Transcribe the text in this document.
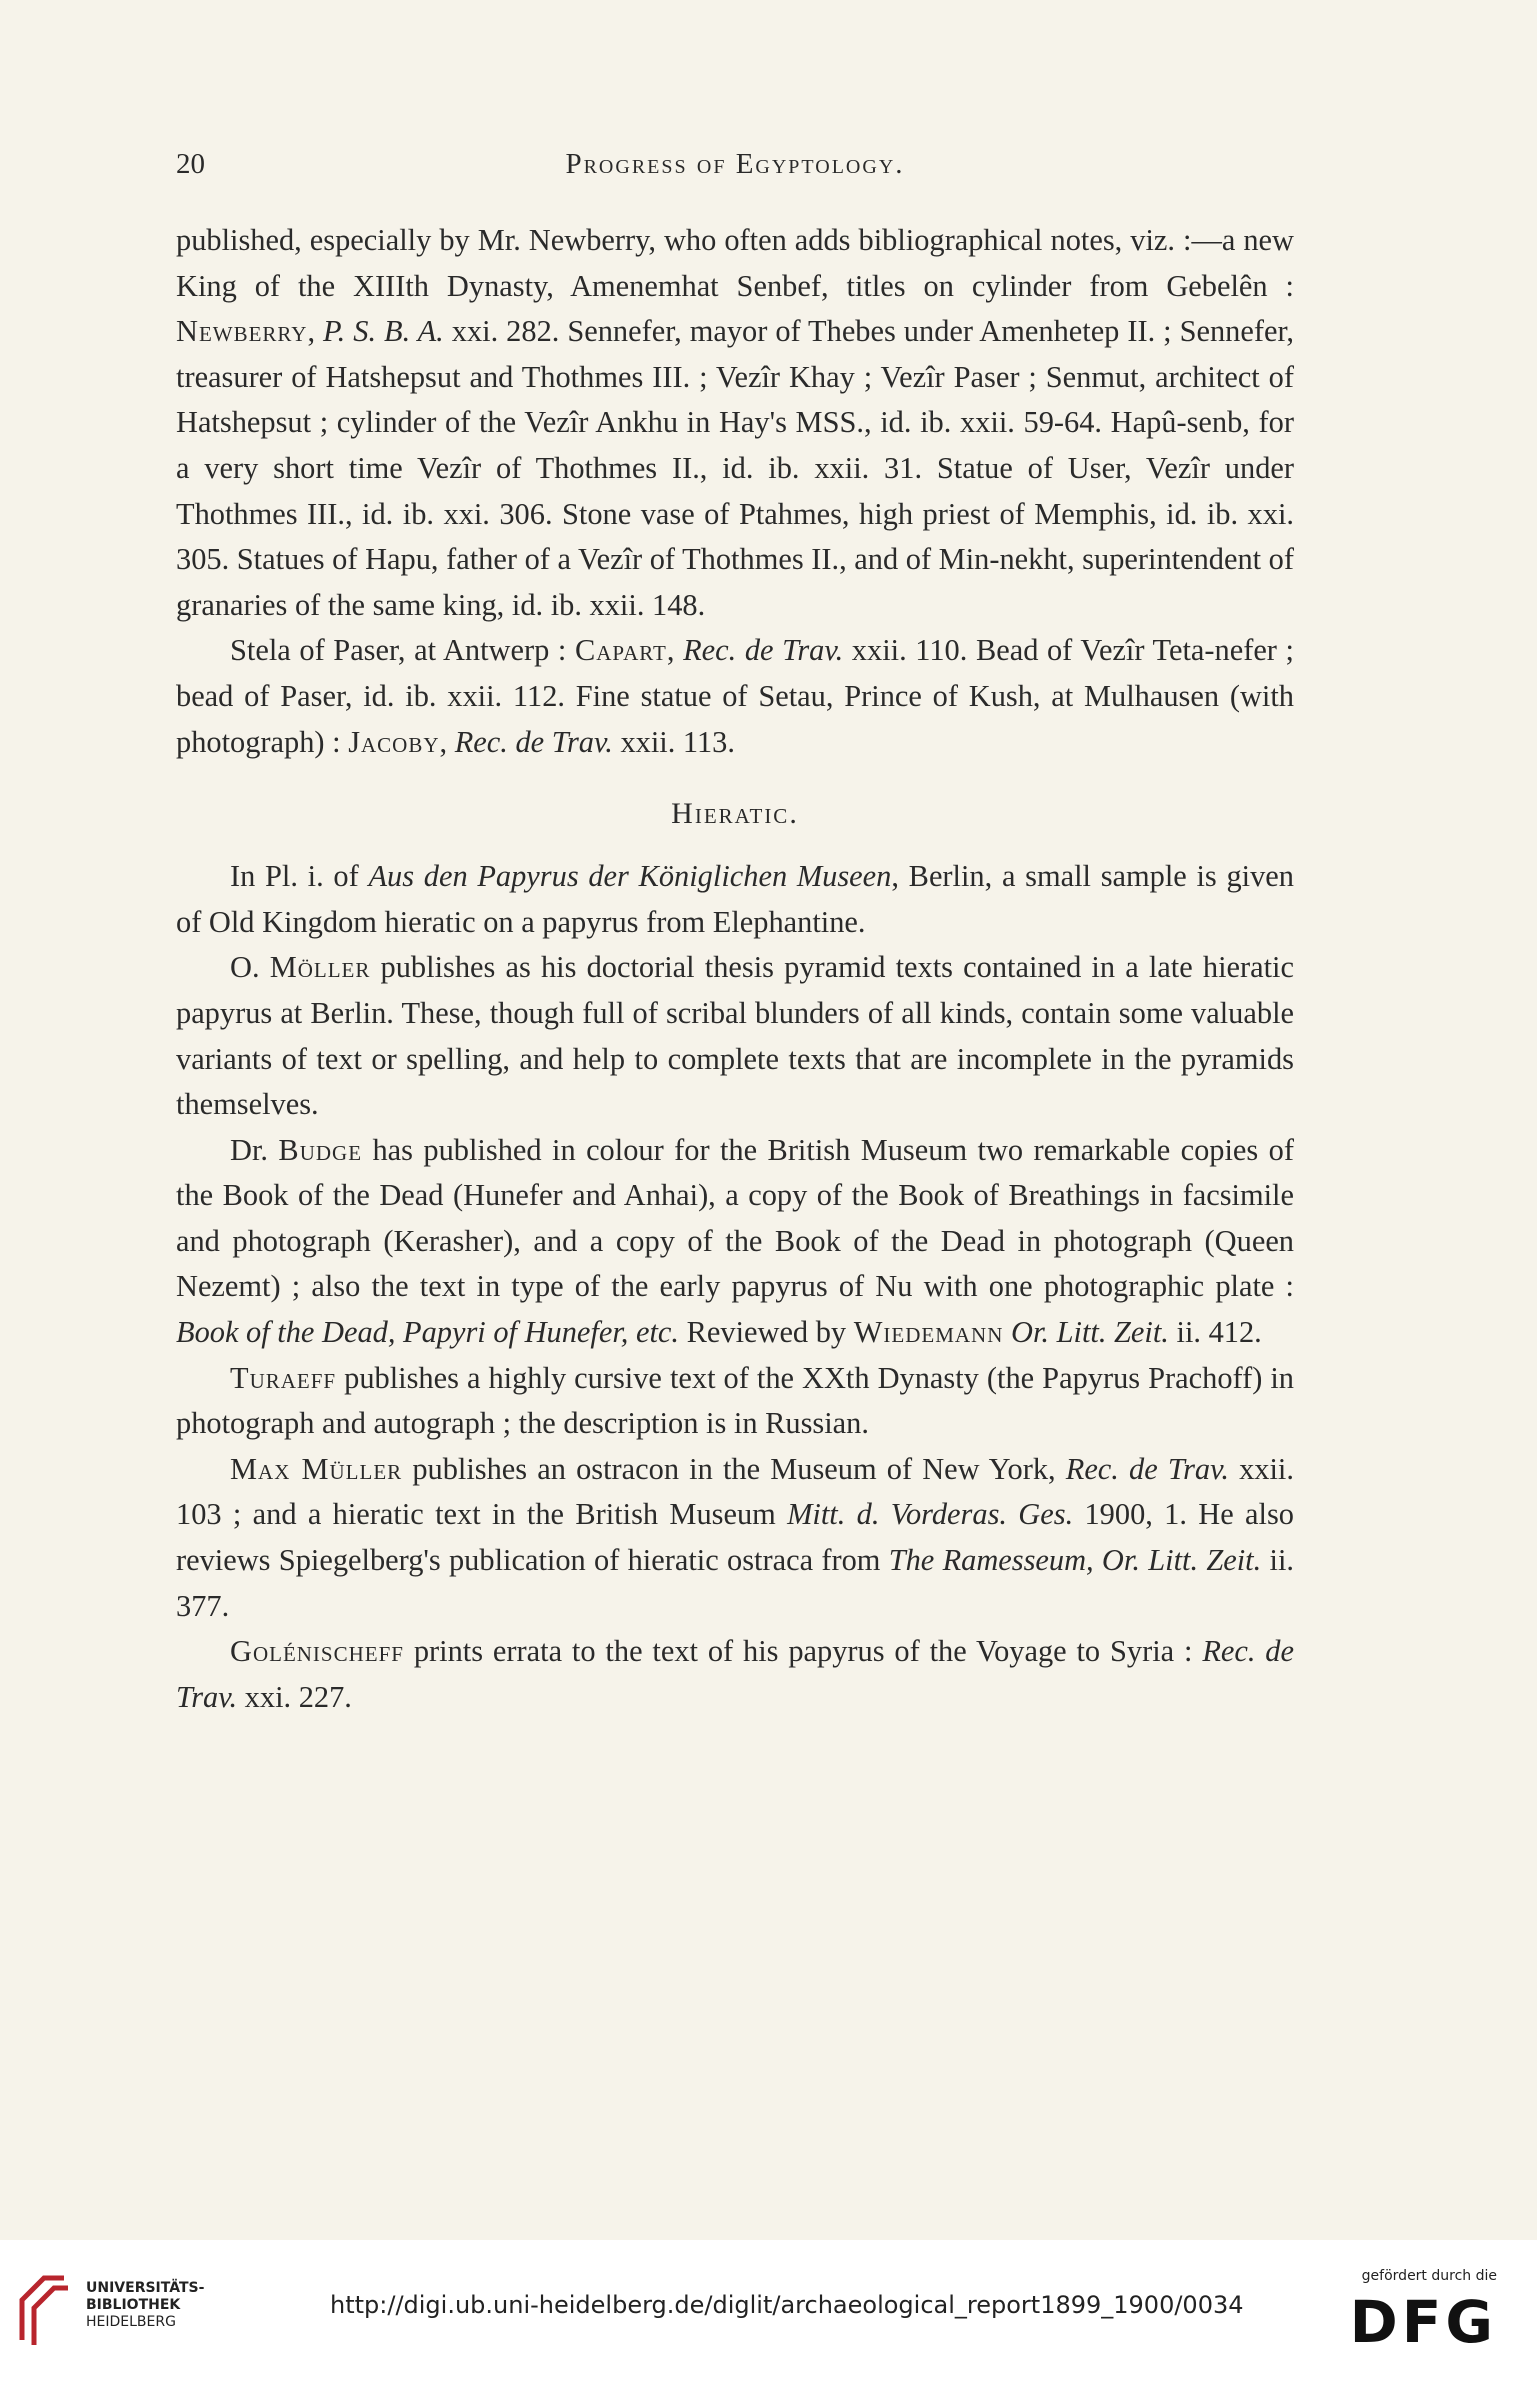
20	Progress of Egyptology.

published, especially by Mr. Newberry, who often adds bibliographical notes, viz. :—a new King of the XIIIth Dynasty, Amenemhat Senbef, titles on cylinder from Gebelên : Newberry, P. S. B. A. xxi. 282. Sennefer, mayor of Thebes under Amenhetep II. ; Sennefer, treasurer of Hatshepsut and Thothmes III. ; Vezîr Khay ; Vezîr Paser ; Senmut, architect of Hatshepsut ; cylinder of the Vezîr Ankhu in Hay's MSS., id. ib. xxii. 59-64. Hapû-senb, for a very short time Vezîr of Thothmes II., id. ib. xxii. 31. Statue of User, Vezîr under Thothmes III., id. ib. xxi. 306. Stone vase of Ptahmes, high priest of Memphis, id. ib. xxi. 305. Statues of Hapu, father of a Vezîr of Thothmes II., and of Min-nekht, superintendent of granaries of the same king, id. ib. xxii. 148.

Stela of Paser, at Antwerp : Capart, Rec. de Trav. xxii. 110. Bead of Vezîr Teta-nefer ; bead of Paser, id. ib. xxii. 112. Fine statue of Setau, Prince of Kush, at Mulhausen (with photograph) : Jacoby, Rec. de Trav. xxii. 113.

Hieratic.

In Pl. i. of Aus den Papyrus der Königlichen Museen, Berlin, a small sample is given of Old Kingdom hieratic on a papyrus from Elephantine.

O. Möller publishes as his doctorial thesis pyramid texts contained in a late hieratic papyrus at Berlin. These, though full of scribal blunders of all kinds, contain some valuable variants of text or spelling, and help to complete texts that are incomplete in the pyramids themselves.

Dr. Budge has published in colour for the British Museum two remarkable copies of the Book of the Dead (Hunefer and Anhai), a copy of the Book of Breathings in facsimile and photograph (Kerasher), and a copy of the Book of the Dead in photograph (Queen Nezemt) ; also the text in type of the early papyrus of Nu with one photographic plate : Book of the Dead, Papyri of Hunefer, etc. Reviewed by Wiedemann Or. Litt. Zeit. ii. 412.

Turaeff publishes a highly cursive text of the XXth Dynasty (the Papyrus Prachoff) in photograph and autograph ; the description is in Russian.

Max Müller publishes an ostracon in the Museum of New York, Rec. de Trav. xxii. 103 ; and a hieratic text in the British Museum Mitt. d. Vorderas. Ges. 1900, 1. He also reviews Spiegelberg's publication of hieratic ostraca from The Ramesseum, Or. Litt. Zeit. ii. 377.

Golénischeff prints errata to the text of his papyrus of the Voyage to Syria : Rec. de Trav. xxi. 227.

UNIVERSITÄTS-
BIBLIOTHEK
HEIDELBERG
http://digi.ub.uni-heidelberg.de/diglit/archaeological_report1899_1900/0034
gefördert durch die
DFG
